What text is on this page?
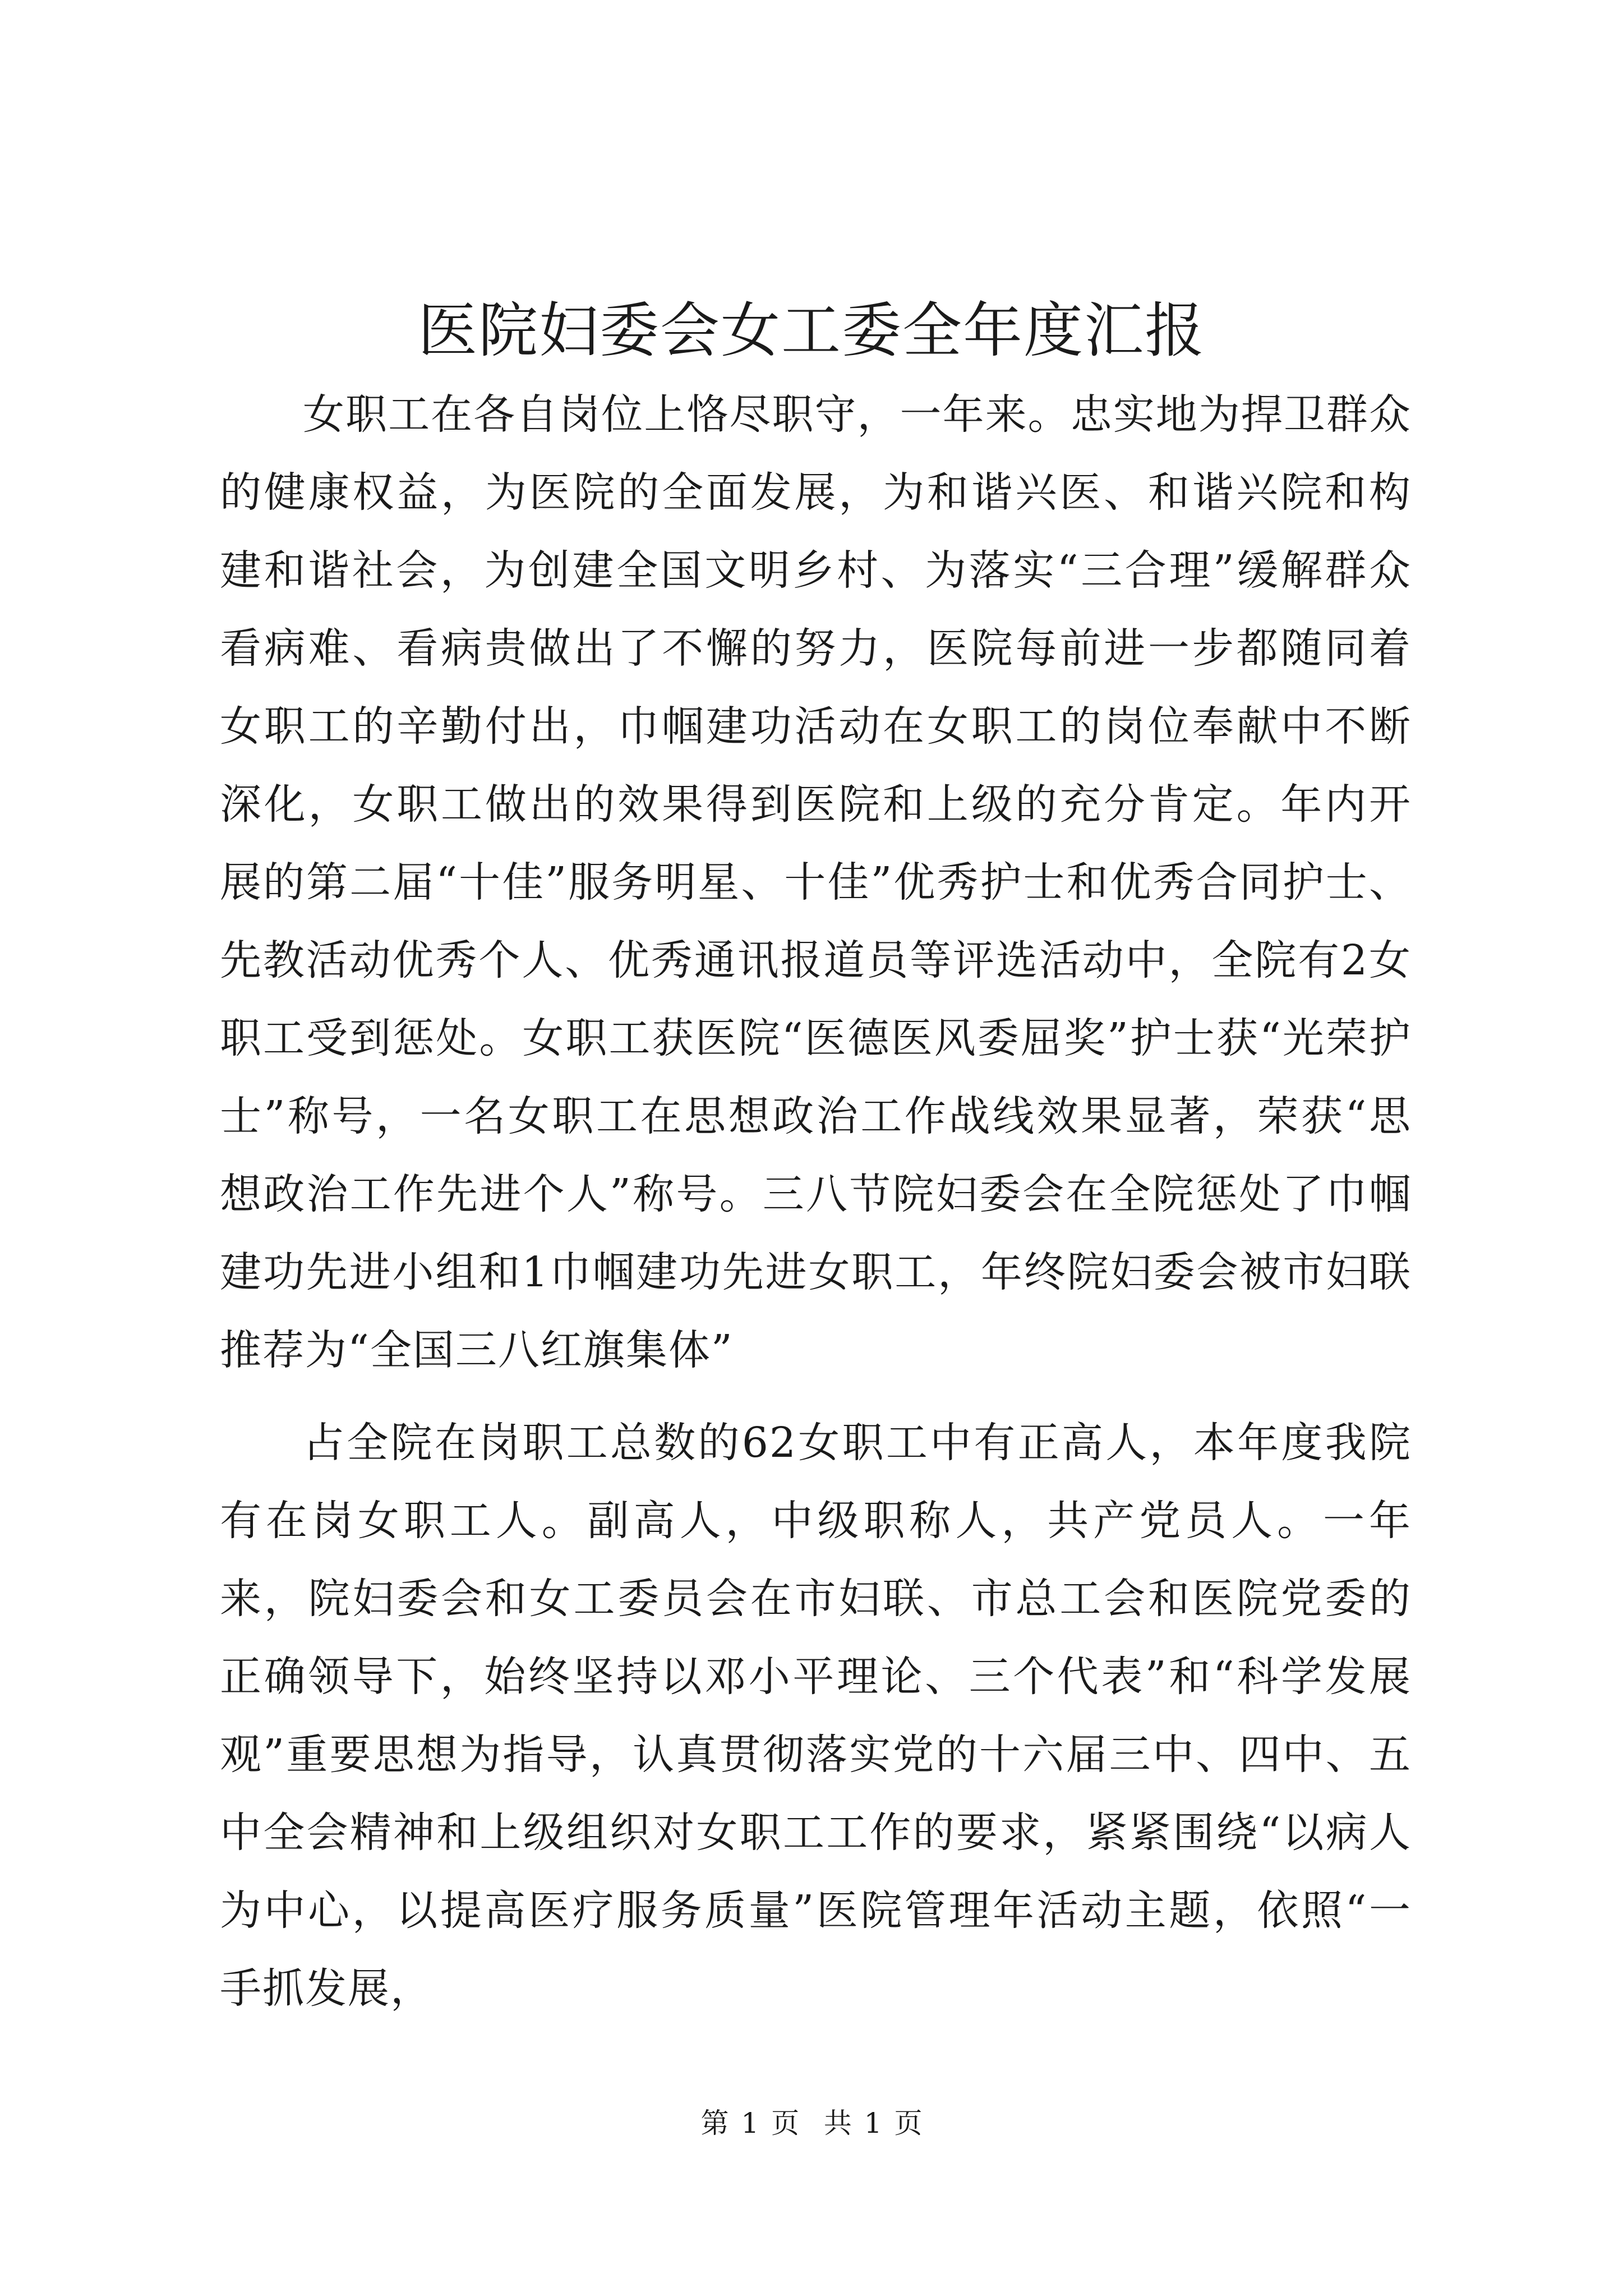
医院妇委会女工委全年度汇报

女职工在各自岗位上恪尽职守，一年来。忠实地为捍卫群众的健康权益，为医院的全面发展，为和谐兴医、和谐兴院和构建和谐社会，为创建全国文明乡村、为落实“三合理”缓解群众看病难、看病贵做出了不懈的努力，医院每前进一步都随同着女职工的辛勤付出，巾帼建功活动在女职工的岗位奉献中不断深化，女职工做出的效果得到医院和上级的充分肯定。年内开展的第二届“十佳”服务明星、十佳”优秀护士和优秀合同护士、先教活动优秀个人、优秀通讯报道员等评选活动中，全院有2女职工受到惩处。女职工获医院“医德医风委屈奖”护士获“光荣护士”称号，一名女职工在思想政治工作战线效果显著，荣获“思想政治工作先进个人”称号。三八节院妇委会在全院惩处了巾帼建功先进小组和1巾帼建功先进女职工，年终院妇委会被市妇联推荐为“全国三八红旗集体”

占全院在岗职工总数的62女职工中有正高人，本年度我院有在岗女职工人。副高人，中级职称人，共产党员人。一年来，院妇委会和女工委员会在市妇联、市总工会和医院党委的正确领导下，始终坚持以邓小平理论、三个代表”和“科学发展观”重要思想为指导，认真贯彻落实党的十六届三中、四中、五中全会精神和上级组织对女职工工作的要求，紧紧围绕“以病人为中心，以提高医疗服务质量”医院管理年活动主题，依照“一手抓发展，

第 1 页  共 1 页
